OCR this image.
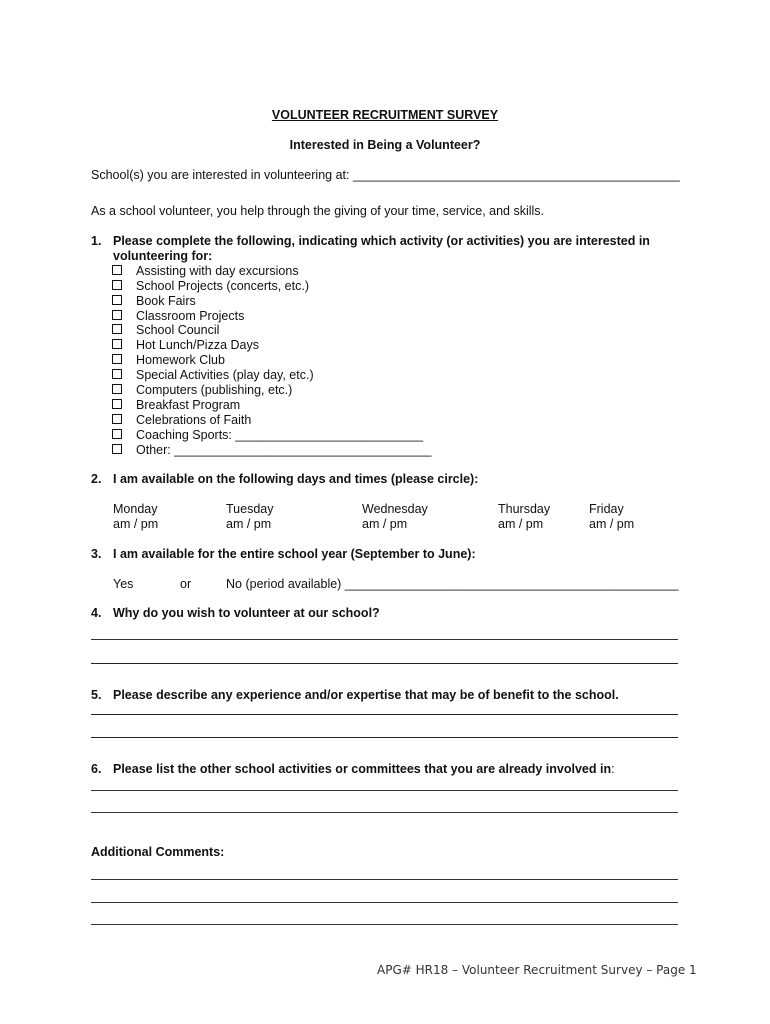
VOLUNTEER RECRUITMENT SURVEY
Interested in Being a Volunteer?
School(s) you are interested in volunteering at: _______________________________________________
As a school volunteer, you help through the giving of your time, service, and skills.
1. Please complete the following, indicating which activity (or activities) you are interested in
volunteering for:
Assisting with day excursions
School Projects (concerts, etc.)
Book Fairs
Classroom Projects
School Council
Hot Lunch/Pizza Days
Homework Club
Special Activities (play day, etc.)
Computers (publishing, etc.)
Breakfast Program
Celebrations of Faith
Coaching Sports: ___________________________
Other: _____________________________________
2. I am available on the following days and times (please circle):
Monday
am / pm
Tuesday
am / pm
Wednesday
am / pm
Thursday
am / pm
Friday
am / pm
3. I am available for the entire school year (September to June):
Yes	or	No (period available) ________________________________________________
4. Why do you wish to volunteer at our school?
5. Please describe any experience and/or expertise that may be of benefit to the school.
6. Please list the other school activities or committees that you are already involved in:
Additional Comments:
APG# HR18 – Volunteer Recruitment Survey – Page 1
